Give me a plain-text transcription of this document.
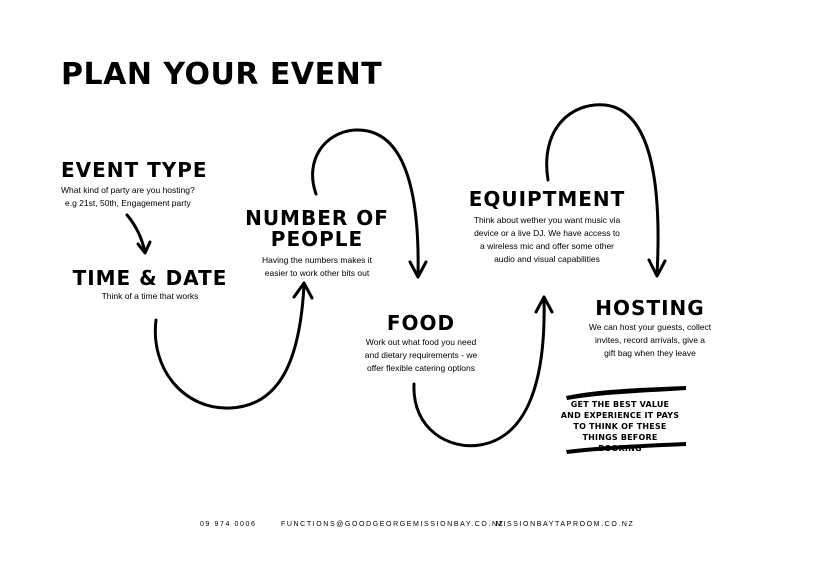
PLAN YOUR EVENT
EVENT TYPE
What kind of party are you hosting?
e.g 21st, 50th, Engagement party
TIME & DATE
Think of a time that works
NUMBER OF
PEOPLE
Having the numbers makes it
easier to work other bits out
FOOD
Work out what food you need
and dietary requirements - we
offer flexible catering options
EQUIPTMENT
Think about wether you want music via
device or a live DJ. We have access to
a wireless mic and offer some other
audio and visual capabilities
HOSTING
We can host your guests, collect
invites, record arrivals, give a
gift bag when they leave
GET THE BEST VALUE
AND EXPERIENCE IT PAYS
TO THINK OF THESE
THINGS BEFORE BOOKING
09 974 0006	FUNCTIONS@GOODGEORGEMISSIONBAY.CO.NZ
MISSIONBAYTAPROOM.CO.NZ
